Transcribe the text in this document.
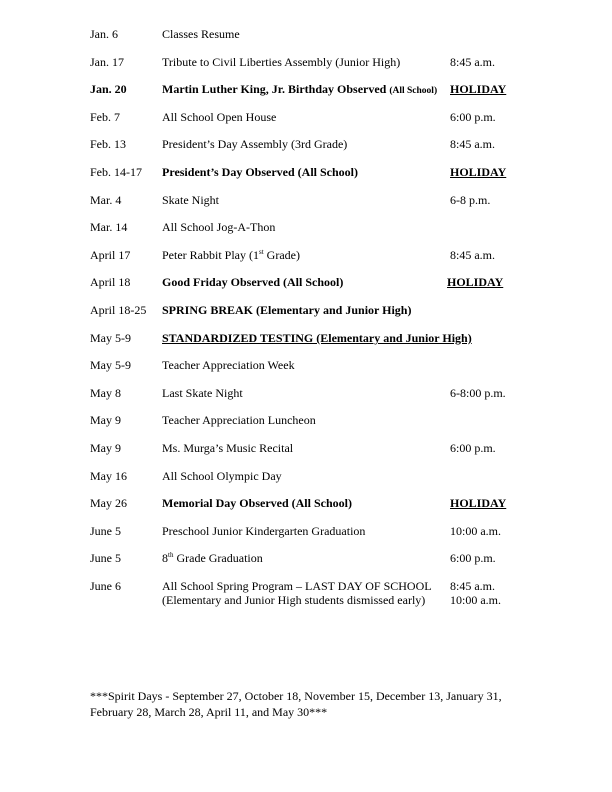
Jan. 6	Classes Resume
Jan. 17	Tribute to Civil Liberties Assembly (Junior High)	8:45 a.m.
Jan. 20	Martin Luther King, Jr. Birthday Observed (All School) HOLIDAY
Feb. 7	All School Open House	6:00 p.m.
Feb. 13	President’s Day Assembly (3rd Grade)	8:45 a.m.
Feb. 14-17 President’s Day Observed (All School)	HOLIDAY
Mar. 4	Skate Night	6-8 p.m.
Mar. 14	All School Jog-A-Thon
April 17	Peter Rabbit Play (1st Grade)	8:45 a.m.
April 18	Good Friday Observed (All School)	HOLIDAY
April 18-25 SPRING BREAK (Elementary and Junior High)
May 5-9	STANDARDIZED TESTING (Elementary and Junior High)
May 5-9	Teacher Appreciation Week
May 8	Last Skate Night	6-8:00 p.m.
May 9	Teacher Appreciation Luncheon
May 9	Ms. Murga’s Music Recital	6:00 p.m.
May 16	All School Olympic Day
May 26	Memorial Day Observed (All School)	HOLIDAY
June 5	Preschool Junior Kindergarten Graduation	10:00 a.m.
June 5	8th Grade Graduation	6:00 p.m.
June 6	All School Spring Program – LAST DAY OF SCHOOL 8:45 a.m.
(Elementary and Junior High students dismissed early) 10:00 a.m.
***Spirit Days - September 27, October 18, November 15, December 13, January 31, February 28, March 28, April 11, and May 30***
